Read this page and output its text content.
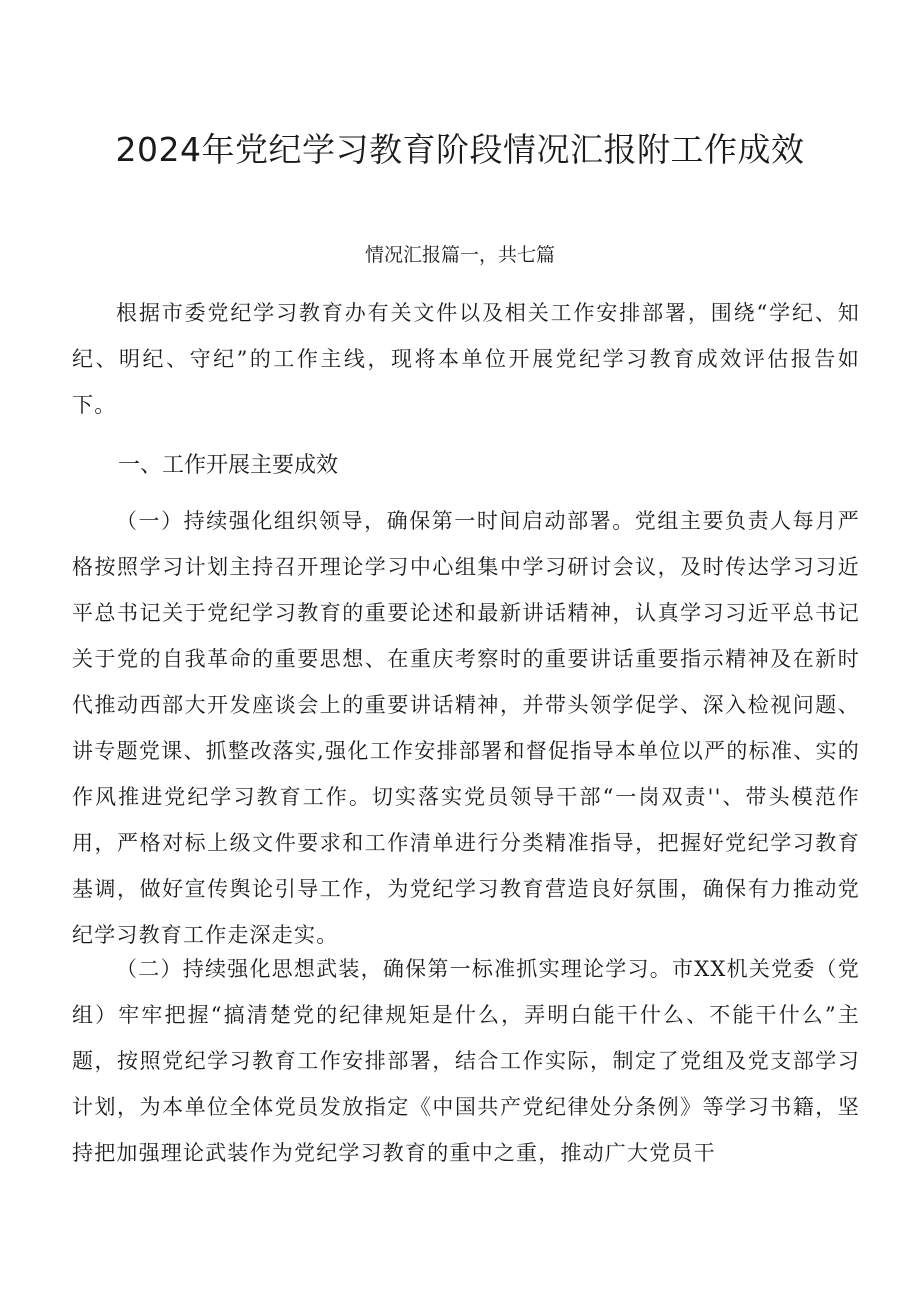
2024年党纪学习教育阶段情况汇报附工作成效

情况汇报篇一，共七篇

根据市委党纪学习教育办有关文件以及相关工作安排部署，围绕“学纪、知纪、明纪、守纪”的工作主线，现将本单位开展党纪学习教育成效评估报告如下。

一、工作开展主要成效

（一）持续强化组织领导，确保第一时间启动部署。党组主要负责人每月严格按照学习计划主持召开理论学习中心组集中学习研讨会议，及时传达学习习近平总书记关于党纪学习教育的重要论述和最新讲话精神，认真学习习近平总书记关于党的自我革命的重要思想、在重庆考察时的重要讲话重要指示精神及在新时代推动西部大开发座谈会上的重要讲话精神，并带头领学促学、深入检视问题、讲专题党课、抓整改落实,强化工作安排部署和督促指导本单位以严的标准、实的作风推进党纪学习教育工作。切实落实党员领导干部“一岗双责''、带头模范作用，严格对标上级文件要求和工作清单进行分类精准指导，把握好党纪学习教育基调，做好宣传舆论引导工作，为党纪学习教育营造良好氛围，确保有力推动党纪学习教育工作走深走实。

（二）持续强化思想武装，确保第一标准抓实理论学习。市XX机关党委（党组）牢牢把握“搞清楚党的纪律规矩是什么，弄明白能干什么、不能干什么”主题，按照党纪学习教育工作安排部署，结合工作实际，制定了党组及党支部学习计划，为本单位全体党员发放指定《中国共产党纪律处分条例》等学习书籍，坚持把加强理论武装作为党纪学习教育的重中之重，推动广大党员干
